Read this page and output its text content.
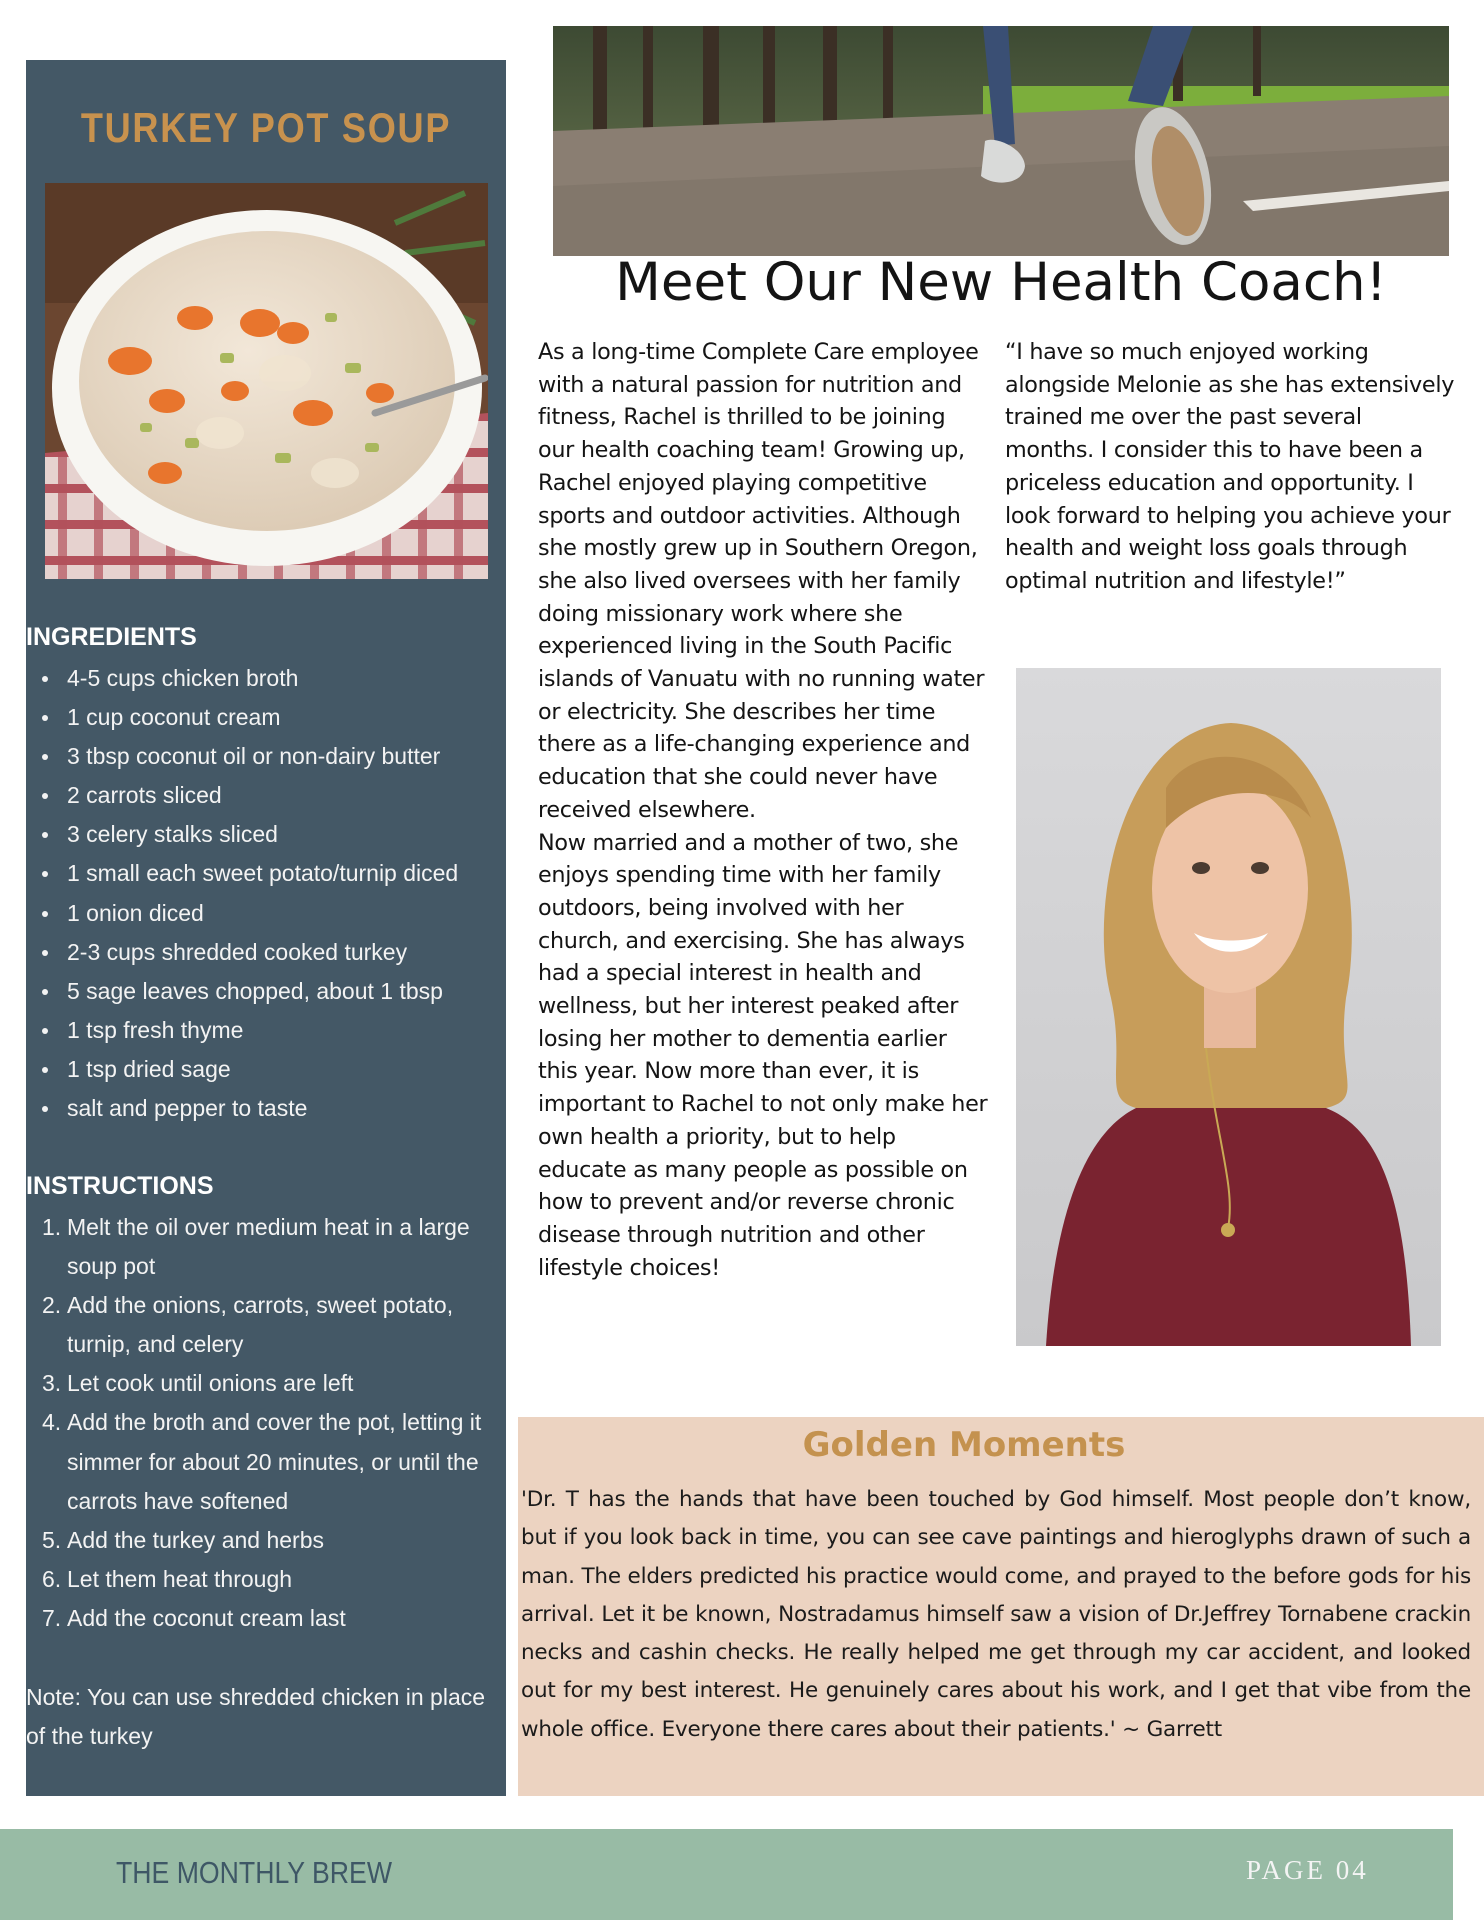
TURKEY POT SOUP
INGREDIENTS
4-5 cups chicken broth
1 cup coconut cream
3 tbsp coconut oil or non-dairy butter
2 carrots sliced
3 celery stalks sliced
1 small each sweet potato/turnip diced
1 onion diced
2-3 cups shredded cooked turkey
5 sage leaves chopped, about 1 tbsp
1 tsp fresh thyme
1 tsp dried sage
salt and pepper to taste
INSTRUCTIONS
1. Melt the oil over medium heat in a large soup pot
2. Add the onions, carrots, sweet potato, turnip, and celery
3. Let cook until onions are left
4. Add the broth and cover the pot, letting it simmer for about 20 minutes, or until the carrots have softened
5. Add the turkey and herbs
6. Let them heat through
7. Add the coconut cream last

Note: You can use shredded chicken in place of the turkey

Meet Our New Health Coach!

As a long-time Complete Care employee with a natural passion for nutrition and fitness, Rachel is thrilled to be joining our health coaching team! Growing up, Rachel enjoyed playing competitive sports and outdoor activities. Although she mostly grew up in Southern Oregon, she also lived oversees with her family doing missionary work where she experienced living in the South Pacific islands of Vanuatu with no running water or electricity. She describes her time there as a life-changing experience and education that she could never have received elsewhere.

Now married and a mother of two, she enjoys spending time with her family outdoors, being involved with her church, and exercising. She has always had a special interest in health and wellness, but her interest peaked after losing her mother to dementia earlier this year. Now more than ever, it is important to Rachel to not only make her own health a priority, but to help educate as many people as possible on how to prevent and/or reverse chronic disease through nutrition and other

lifestyle choices!

“I have so much enjoyed working alongside Melonie as she has extensively trained me over the past several months. I consider this to have been a priceless education and opportunity. I look forward to helping you achieve your health and weight loss goals through optimal nutrition and lifestyle!”

Golden Moments

'Dr. T has the hands that have been touched by God himself. Most people don’t know, but if you look back in time, you can see cave paintings and hieroglyphs drawn of such a man. The elders predicted his practice would come, and prayed to the before gods for his arrival. Let it be known, Nostradamus himself saw a vision of Dr.Jeffrey Tornabene crackin necks and cashin checks. He really helped me get through my car accident, and looked out for my best interest. He genuinely cares about his work, and I get that vibe from the whole office. Everyone there cares about their patients.' ~ Garrett

THE MONTHLY BREW	PAGE 04
